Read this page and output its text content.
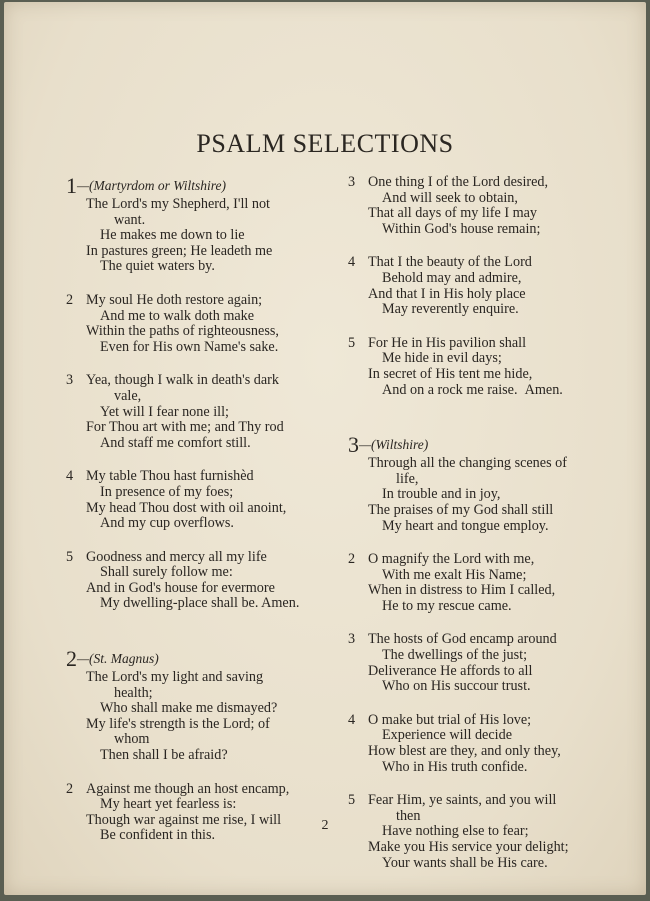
PSALM SELECTIONS
1—(Martyrdom or Wiltshire)
The Lord's my Shepherd, I'll not
want.
He makes me down to lie
In pastures green; He leadeth me
The quiet waters by.
2 My soul He doth restore again;
And me to walk doth make
Within the paths of righteousness,
Even for His own Name's sake.
3 Yea, though I walk in death's dark
vale,
Yet will I fear none ill;
For Thou art with me; and Thy rod
And staff me comfort still.
4 My table Thou hast furnishèd
In presence of my foes;
My head Thou dost with oil anoint,
And my cup overflows.
5 Goodness and mercy all my life
Shall surely follow me:
And in God's house for evermore
My dwelling-place shall be. Amen.
2—(St. Magnus)
The Lord's my light and saving
health;
Who shall make me dismayed?
My life's strength is the Lord; of
whom
Then shall I be afraid?
2 Against me though an host encamp,
My heart yet fearless is:
Though war against me rise, I will
Be confident in this.
3 One thing I of the Lord desired,
And will seek to obtain,
That all days of my life I may
Within God's house remain;
4 That I the beauty of the Lord
Behold may and admire,
And that I in His holy place
May reverently enquire.
5 For He in His pavilion shall
Me hide in evil days;
In secret of His tent me hide,
And on a rock me raise. Amen.
3—(Wiltshire)
Through all the changing scenes of
life,
In trouble and in joy,
The praises of my God shall still
My heart and tongue employ.
2 O magnify the Lord with me,
With me exalt His Name;
When in distress to Him I called,
He to my rescue came.
3 The hosts of God encamp around
The dwellings of the just;
Deliverance He affords to all
Who on His succour trust.
4 O make but trial of His love;
Experience will decide
How blest are they, and only they,
Who in His truth confide.
5 Fear Him, ye saints, and you will
then
Have nothing else to fear;
Make you His service your delight;
Your wants shall be His care.
2
